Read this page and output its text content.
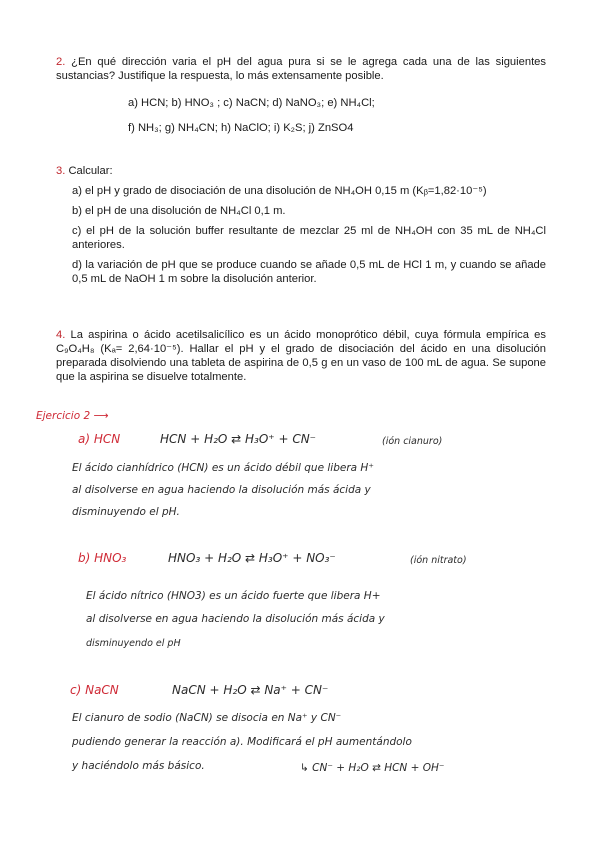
2. ¿En qué dirección varia el pH del agua pura si se le agrega cada una de las siguientes sustancias? Justifique la respuesta, lo más extensamente posible.
a) HCN; b) HNO₃ ; c) NaCN; d) NaNO₃; e) NH₄Cl;
f) NH₃; g) NH₄CN; h) NaClO; i) K₂S; j) ZnSO4
3. Calcular:
a) el pH y grado de disociación de una disolución de NH₄OH 0,15 m (Kᵦ=1,82·10⁻⁵)
b) el pH de una disolución de NH₄Cl 0,1 m.
c) el pH de la solución buffer resultante de mezclar 25 ml de NH₄OH con 35 mL de NH₄Cl anteriores.
d) la variación de pH que se produce cuando se añade 0,5 mL de HCl 1 m, y cuando se añade 0,5 mL de NaOH 1 m sobre la disolución anterior.
4. La aspirina o ácido acetilsalicílico es un ácido monoprótico débil, cuya fórmula empírica es C₉O₄H₈ (Kₐ= 2,64·10⁻⁵). Hallar el pH y el grado de disociación del ácido en una disolución preparada disolviendo una tableta de aspirina de 0,5 g en un vaso de 100 mL de agua. Se supone que la aspirina se disuelve totalmente.
Ejercicio 2 ⟶
a) HCN	HCN + H₂O ⇄ H₃O⁺ + CN⁻	(ión cianuro)
El ácido cianhídrico (HCN) es un ácido débil que libera H⁺
al disolverse en agua haciendo la disolución más ácida y
disminuyendo el pH.
b) HNO₃	HNO₃ + H₂O ⇄ H₃O⁺ + NO₃⁻	(ión nitrato)
El ácido nítrico (HNO3) es un ácido fuerte que libera H+
al disolverse en agua haciendo la disolución más ácida y
disminuyendo el pH
c) NaCN	NaCN + H₂O ⇄ Na⁺ + CN⁻
El cianuro de sodio (NaCN) se disocia en Na⁺ y CN⁻
pudiendo generar la reacción a). Modificará el pH aumentándolo
y haciéndolo más básico.	↳ CN⁻ + H₂O ⇄ HCN + OH⁻
